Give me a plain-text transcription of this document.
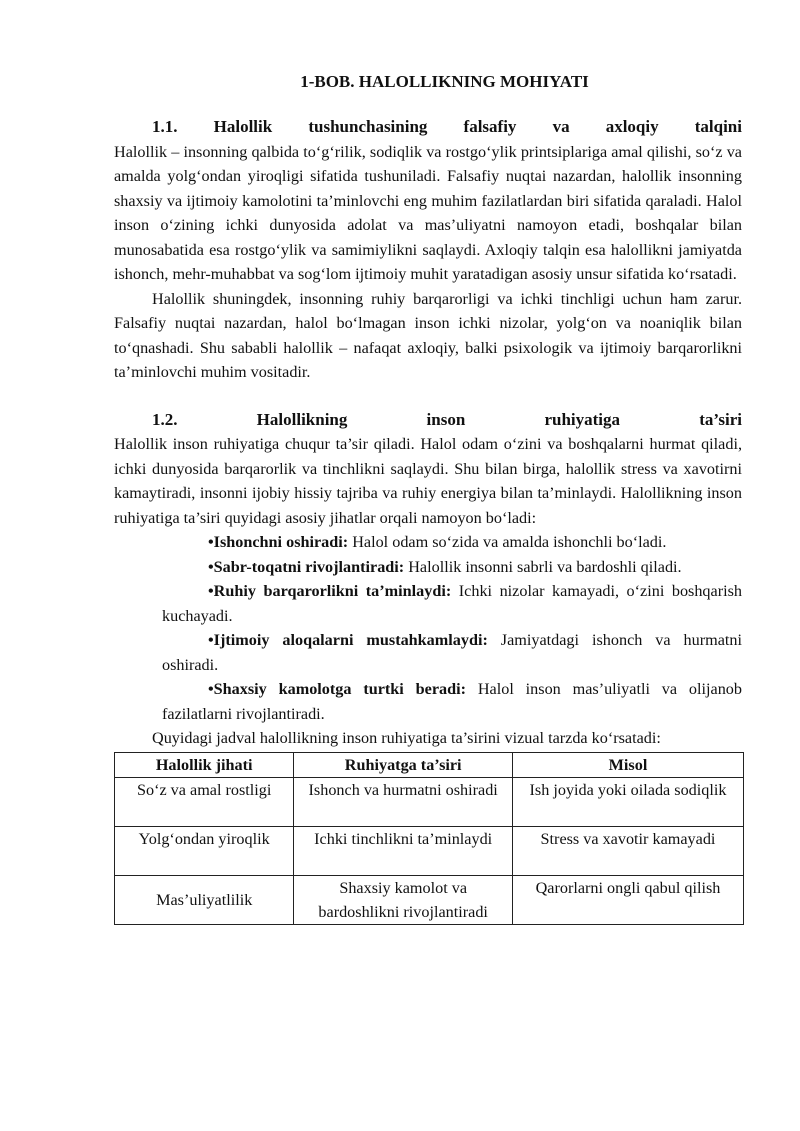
1-BOB. HALOLLIKNING MOHIYATI

1.1. Halollik tushunchasining falsafiy va axloqiy talqini

Halollik – insonning qalbida to‘g‘rilik, sodiqlik va rostgo‘ylik printsiplariga amal qilishi, so‘z va amalda yolg‘ondan yiroqligi sifatida tushuniladi. Falsafiy nuqtai nazardan, halollik insonning shaxsiy va ijtimoiy kamolotini ta’minlovchi eng muhim fazilatlardan biri sifatida qaraladi. Halol inson o‘zining ichki dunyosida adolat va mas’uliyatni namoyon etadi, boshqalar bilan munosabatida esa rostgo‘ylik va samimiylikni saqlaydi. Axloqiy talqin esa halollikni jamiyatda ishonch, mehr-muhabbat va sog‘lom ijtimoiy muhit yaratadigan asosiy unsur sifatida ko‘rsatadi.

Halollik shuningdek, insonning ruhiy barqarorligi va ichki tinchligi uchun ham zarur. Falsafiy nuqtai nazardan, halol bo‘lmagan inson ichki nizolar, yolg‘on va noaniqlik bilan to‘qnashadi. Shu sababli halollik – nafaqat axloqiy, balki psixologik va ijtimoiy barqarorlikni ta’minlovchi muhim vositadir.

1.2. Halollikning inson ruhiyatiga ta’siri

Halollik inson ruhiyatiga chuqur ta’sir qiladi. Halol odam o‘zini va boshqalarni hurmat qiladi, ichki dunyosida barqarorlik va tinchlikni saqlaydi. Shu bilan birga, halollik stress va xavotirni kamaytiradi, insonni ijobiy hissiy tajriba va ruhiy energiya bilan ta’minlaydi. Halollikning inson ruhiyatiga ta’siri quyidagi asosiy jihatlar orqali namoyon bo‘ladi:

•Ishonchni oshiradi: Halol odam so‘zida va amalda ishonchli bo‘ladi.
•Sabr-toqatni rivojlantiradi: Halollik insonni sabrli va bardoshli qiladi.
•Ruhiy barqarorlikni ta’minlaydi: Ichki nizolar kamayadi, o‘zini boshqarish kuchayadi.
•Ijtimoiy aloqalarni mustahkamlaydi: Jamiyatdagi ishonch va hurmatni oshiradi.
•Shaxsiy kamolotga turtki beradi: Halol inson mas’uliyatli va olijanob fazilatlarni rivojlantiradi.

Quyidagi jadval halollikning inson ruhiyatiga ta’sirini vizual tarzda ko‘rsatadi:

Halollik jihati	Ruhiyatga ta’siri	Misol
So‘z va amal rostligi	Ishonch va hurmatni oshiradi	Ish joyida yoki oilada sodiqlik
Yolg‘ondan yiroqlik	Ichki tinchlikni ta’minlaydi	Stress va xavotir kamayadi
Mas’uliyatlilik	Shaxsiy kamolot va bardoshlikni rivojlantiradi	Qarorlarni ongli qabul qilish
